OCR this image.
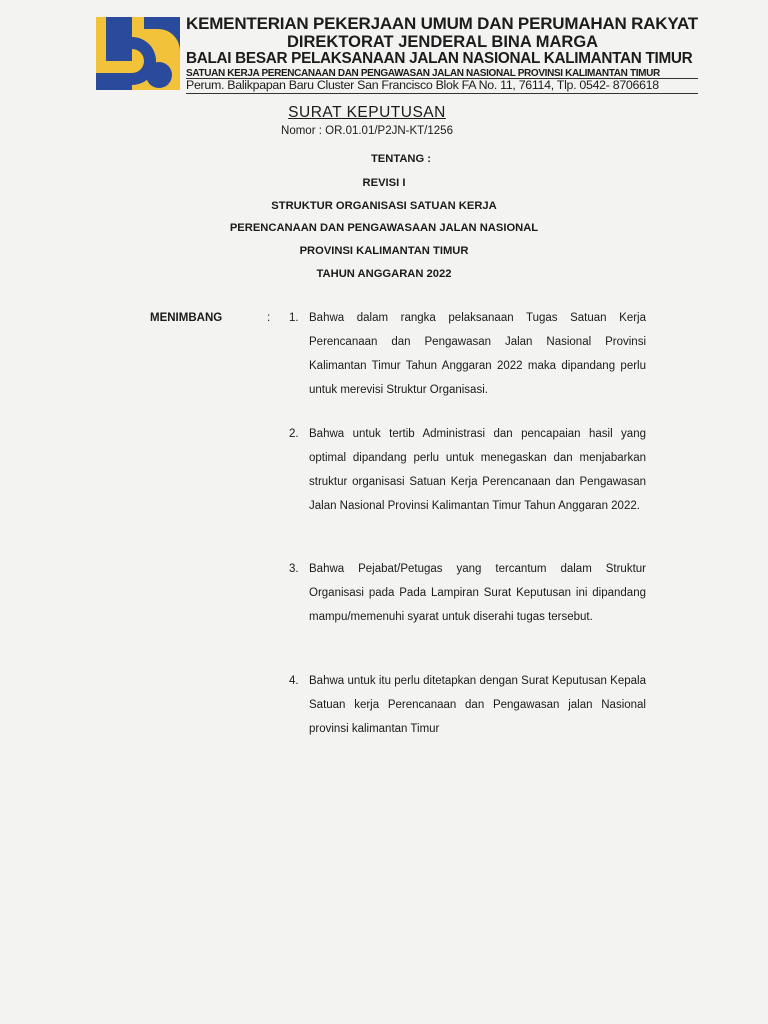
KEMENTERIAN PEKERJAAN UMUM DAN PERUMAHAN RAKYAT
DIREKTORAT JENDERAL BINA MARGA
BALAI BESAR PELAKSANAAN JALAN NASIONAL KALIMANTAN TIMUR
SATUAN KERJA PERENCANAAN DAN PENGAWASAN JALAN NASIONAL PROVINSI KALIMANTAN TIMUR
Perum. Balikpapan Baru Cluster San Francisco Blok FA No. 11, 76114, Tlp. 0542- 8706618
SURAT KEPUTUSAN
Nomor : OR.01.01/P2JN-KT/1256
TENTANG :
REVISI I
STRUKTUR ORGANISASI SATUAN KERJA
PERENCANAAN DAN PENGAWASAAN JALAN NASIONAL
PROVINSI KALIMANTAN TIMUR
TAHUN ANGGARAN 2022
MENIMBANG	: 1. Bahwa dalam rangka pelaksanaan Tugas Satuan Kerja Perencanaan dan Pengawasan Jalan Nasional Provinsi Kalimantan Timur Tahun Anggaran 2022 maka dipandang perlu untuk merevisi Struktur Organisasi.
2. Bahwa untuk tertib Administrasi dan pencapaian hasil yang optimal dipandang perlu untuk menegaskan dan menjabarkan struktur organisasi Satuan Kerja Perencanaan dan Pengawasan Jalan Nasional Provinsi Kalimantan Timur Tahun Anggaran 2022.
3. Bahwa Pejabat/Petugas yang tercantum dalam Struktur Organisasi pada Pada Lampiran Surat Keputusan ini dipandang mampu/memenuhi syarat untuk diserahi tugas tersebut.
4. Bahwa untuk itu perlu ditetapkan dengan Surat Keputusan Kepala Satuan kerja Perencanaan dan Pengawasan jalan Nasional provinsi kalimantan Timur
